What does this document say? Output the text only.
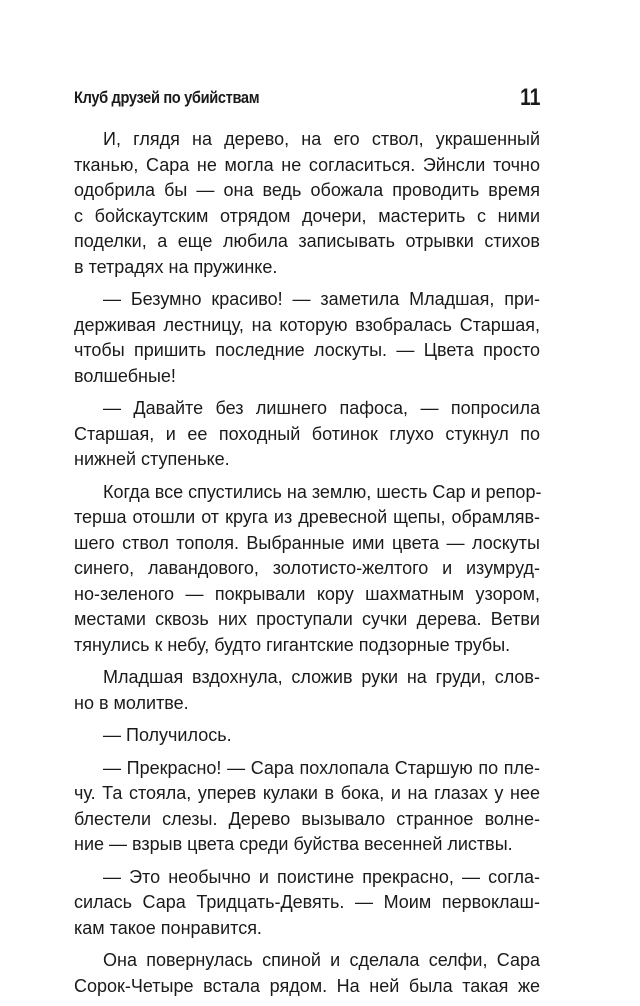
Клуб друзей по убийствам	11
И, глядя на дерево, на его ствол, украшенный
тканью, Сара не могла не согласиться. Эйнсли точно
одобрила бы — она ведь обожала проводить время
с бойскаутским отрядом дочери, мастерить с ними
поделки, а еще любила записывать отрывки стихов
в тетрадях на пружинке.
— Безумно красиво! — заметила Младшая, при-
держивая лестницу, на которую взобралась Старшая,
чтобы пришить последние лоскуты. — Цвета просто
волшебные!
— Давайте без лишнего пафоса, — попросила
Старшая, и ее походный ботинок глухо стукнул по
нижней ступеньке.
Когда все спустились на землю, шесть Сар и репор-
терша отошли от круга из древесной щепы, обрамляв-
шего ствол тополя. Выбранные ими цвета — лоскуты
синего, лавандового, золотисто-желтого и изумруд-
но-зеленого — покрывали кору шахматным узором,
местами сквозь них проступали сучки дерева. Ветви
тянулись к небу, будто гигантские подзорные трубы.
Младшая вздохнула, сложив руки на груди, слов-
но в молитве.
— Получилось.
— Прекрасно! — Сара похлопала Старшую по пле-
чу. Та стояла, уперев кулаки в бока, и на глазах у нее
блестели слезы. Дерево вызывало странное волне-
ние — взрыв цвета среди буйства весенней листвы.
— Это необычно и поистине прекрасно, — согла-
силась Сара Тридцать-Девять. — Моим первоклаш-
кам такое понравится.
Она повернулась спиной и сделала селфи, Сара
Сорок-Четыре встала рядом. На ней была такая же
